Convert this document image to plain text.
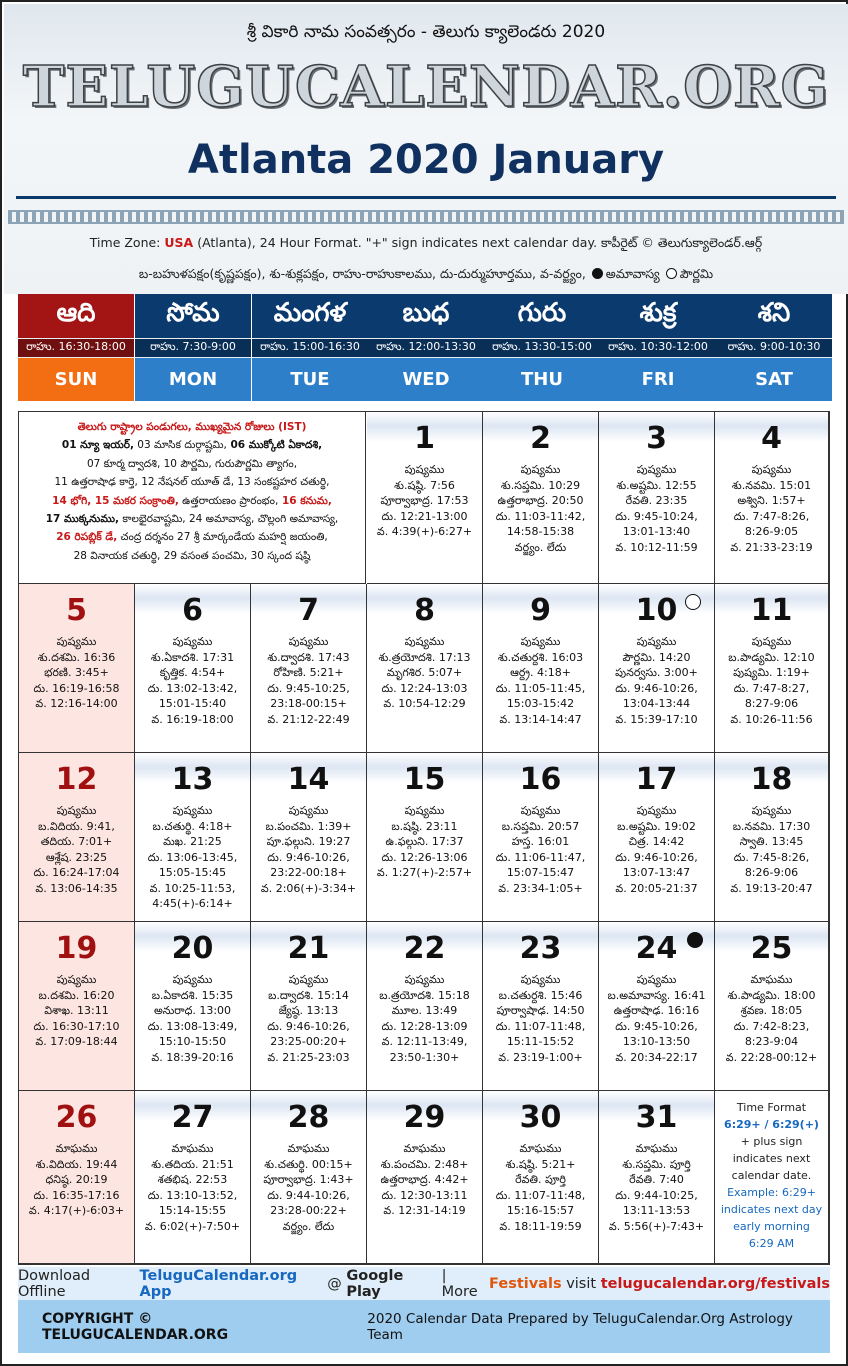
శ్రీ వికారి నామ సంవత్సరం - తెలుగు క్యాలెండరు 2020
TELUGUCALENDAR.ORG
Atlanta 2020 January
Time Zone: USA (Atlanta), 24 Hour Format. "+" sign indicates next calendar day. కాపీరైట్ © తెలుగుక్యాలెండర్.ఆర్గ్
బ-బహుళపక్షం(కృష్ణపక్షం), శు-శుక్లపక్షం, రాహు-రాహుకాలము, దు-దుర్ముహూర్తము, వ-వర్జ్యం, అమావాస్య పౌర్ణమి
ఆది
రాహు. 16:30-18:00
SUN
సోమ
రాహు. 7:30-9:00
MON
మంగళ
రాహు. 15:00-16:30
TUE
బుధ
రాహు. 12:00-13:30
WED
గురు
రాహు. 13:30-15:00
THU
శుక్ర
రాహు. 10:30-12:00
FRI
శని
రాహు. 9:00-10:30
SAT
తెలుగు రాష్ట్రాల పండుగలు, ముఖ్యమైన రోజులు (IST)
01 న్యూ ఇయర్, 03 మాసిక దుర్గాష్టమి, 06 ముక్కోటి ఏకాదశి,
07 కూర్మ ద్వాదశి, 10 పౌర్ణమి, గురుపౌర్ణమి త్యాగం,
11 ఉత్తరాషాఢ కార్తె, 12 నేషనల్ యూత్ డే, 13 సంకష్టహర చతుర్థి,
14 భోగి, 15 మకర సంక్రాంతి, ఉత్తరాయణం ప్రారంభం, 16 కనుమ,
17 ముక్కనుము, కాలభైరవాష్టమి, 24 అమావాస్య, చొల్లంగి అమావాస్య,
26 రిపబ్లిక్ డే, చంద్ర దర్శనం 27 శ్రీ మార్కండేయ మహర్షి జయంతి,
28 వినాయక చతుర్థి, 29 వసంత పంచమి, 30 స్కంద షష్ఠి
1
పుష్యము
శు.షష్ఠి. 7:56
పూర్వాభాద్ర. 17:53
దు. 12:21-13:00
వ. 4:39(+)-6:27+
2
పుష్యము
శు.సప్తమి. 10:29
ఉత్తరాభాద్ర. 20:50
దు. 11:03-11:42,
14:58-15:38
వర్జ్యం. లేదు
3
పుష్యము
శు.అష్టమి. 12:55
రేవతి. 23:35
దు. 9:45-10:24,
13:01-13:40
వ. 10:12-11:59
4
పుష్యము
శు.నవమి. 15:01
అశ్విని. 1:57+
దు. 7:47-8:26,
8:26-9:05
వ. 21:33-23:19
5
పుష్యము
శు.దశమి. 16:36
భరణి. 3:45+
దు. 16:19-16:58
వ. 12:16-14:00
6
పుష్యము
శు.ఏకాదశి. 17:31
కృత్తిక. 4:54+
దు. 13:02-13:42,
15:01-15:40
వ. 16:19-18:00
7
పుష్యము
శు.ద్వాదశి. 17:43
రోహిణి. 5:21+
దు. 9:45-10:25,
23:18-00:15+
వ. 21:12-22:49
8
పుష్యము
శు.త్రయోదశి. 17:13
మృగశిర. 5:07+
దు. 12:24-13:03
వ. 10:54-12:29
9
పుష్యము
శు.చతుర్దశి. 16:03
ఆర్ద్ర. 4:18+
దు. 11:05-11:45,
15:03-15:42
వ. 13:14-14:47
10
పుష్యము
పౌర్ణమి. 14:20
పునర్వసు. 3:00+
దు. 9:46-10:26,
13:04-13:44
వ. 15:39-17:10
11
పుష్యము
బ.పాడ్యమి. 12:10
పుష్యమి. 1:19+
దు. 7:47-8:27,
8:27-9:06
వ. 10:26-11:56
12
పుష్యము
బ.విదియ. 9:41,
తదియ. 7:01+
ఆశ్లేష. 23:25
దు. 16:24-17:04
వ. 13:06-14:35
13
పుష్యము
బ.చతుర్థి. 4:18+
మఖ. 21:25
దు. 13:06-13:45,
15:05-15:45
వ. 10:25-11:53,
4:45(+)-6:14+
14
పుష్యము
బ.పంచమి. 1:39+
పూ.ఫల్గుని. 19:27
దు. 9:46-10:26,
23:22-00:18+
వ. 2:06(+)-3:34+
15
పుష్యము
బ.షష్ఠి. 23:11
ఉ.ఫల్గుని. 17:37
దు. 12:26-13:06
వ. 1:27(+)-2:57+
16
పుష్యము
బ.సప్తమి. 20:57
హస్త. 16:01
దు. 11:06-11:47,
15:07-15:47
వ. 23:34-1:05+
17
పుష్యము
బ.అష్టమి. 19:02
చిత్ర. 14:42
దు. 9:46-10:26,
13:07-13:47
వ. 20:05-21:37
18
పుష్యము
బ.నవమి. 17:30
స్వాతి. 13:45
దు. 7:45-8:26,
8:26-9:06
వ. 19:13-20:47
19
పుష్యము
బ.దశమి. 16:20
విశాఖ. 13:11
దు. 16:30-17:10
వ. 17:09-18:44
20
పుష్యము
బ.ఏకాదశి. 15:35
అనురాధ. 13:00
దు. 13:08-13:49,
15:10-15:50
వ. 18:39-20:16
21
పుష్యము
బ.ద్వాదశి. 15:14
జ్యేష్ఠ. 13:13
దు. 9:46-10:26,
23:25-00:20+
వ. 21:25-23:03
22
పుష్యము
బ.త్రయోదశి. 15:18
మూల. 13:49
దు. 12:28-13:09
వ. 12:11-13:49,
23:50-1:30+
23
పుష్యము
బ.చతుర్దశి. 15:46
పూర్వాషాఢ. 14:50
దు. 11:07-11:48,
15:11-15:52
వ. 23:19-1:00+
24
పుష్యము
బ.అమావాస్య. 16:41
ఉత్తరాషాఢ. 16:16
దు. 9:45-10:26,
13:10-13:50
వ. 20:34-22:17
25
మాఘము
శు.పాడ్యమి. 18:00
శ్రవణ. 18:05
దు. 7:42-8:23,
8:23-9:04
వ. 22:28-00:12+
26
మాఘము
శు.విదియ. 19:44
ధనిష్ఠ. 20:19
దు. 16:35-17:16
వ. 4:17(+)-6:03+
27
మాఘము
శు.తదియ. 21:51
శతభిష. 22:53
దు. 13:10-13:52,
15:14-15:55
వ. 6:02(+)-7:50+
28
మాఘము
శు.చతుర్థి. 00:15+
పూర్వాభాద్ర. 1:43+
దు. 9:44-10:26,
23:28-00:22+
వర్జ్యం. లేదు
29
మాఘము
శు.పంచమి. 2:48+
ఉత్తరాభాద్ర. 4:42+
దు. 12:30-13:11
వ. 12:31-14:19
30
మాఘము
శు.షష్ఠి. 5:21+
రేవతి. పూర్తి
దు. 11:07-11:48,
15:16-15:57
వ. 18:11-19:59
31
మాఘము
శు.సప్తమి. పూర్తి
రేవతి. 7:40
దు. 9:44-10:25,
13:11-13:53
వ. 5:56(+)-7:43+
Time Format
6:29+ / 6:29(+)
+ plus sign
indicates next
calendar date.
Example: 6:29+
indicates next day
early morning
6:29 AM
Download Offline

TeluguCalendar.org App
	@
Google Play

| More
Festivals
visit
telugucalendar.org/festivals
COPYRIGHT © TELUGUCALENDAR.ORG
2020 Calendar Data Prepared by TeluguCalendar.Org Astrology Team
